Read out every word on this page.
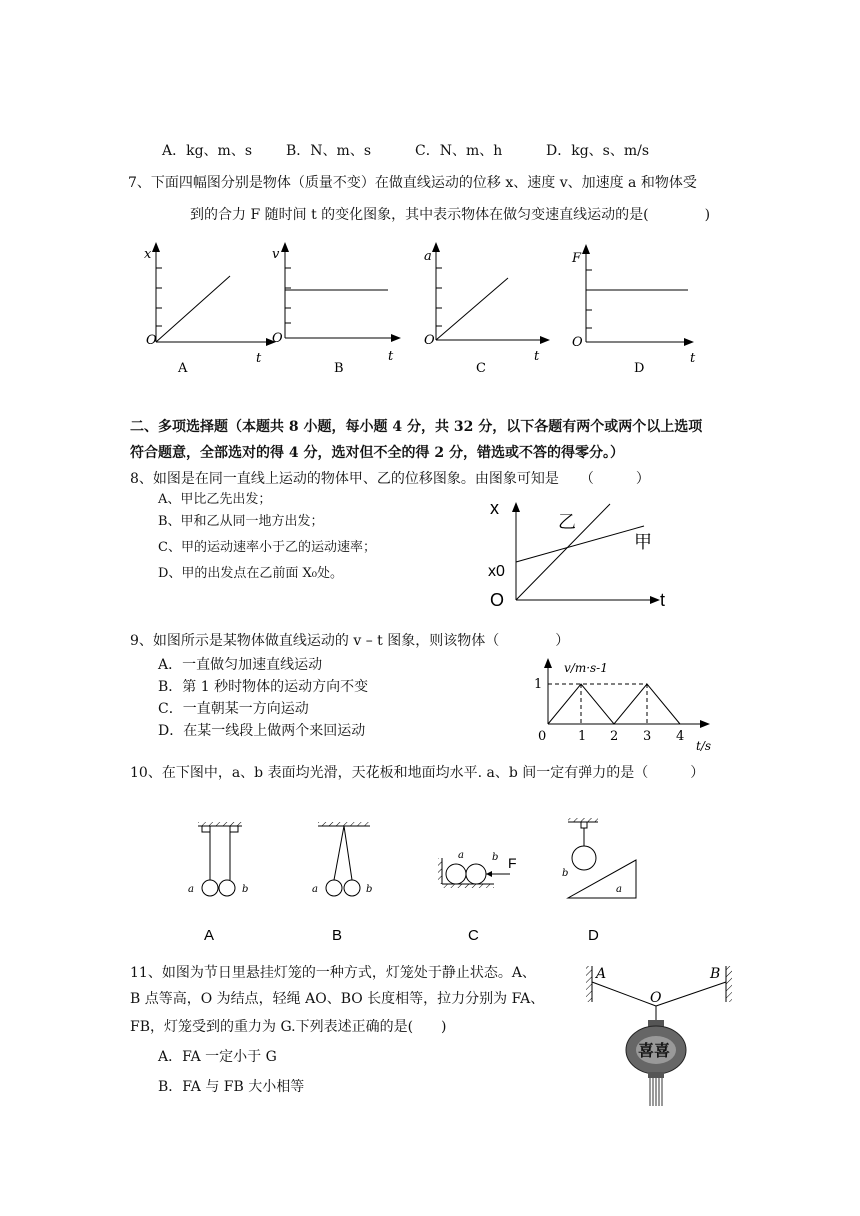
A．kg、m、s B．N、m、s	C．N、m、h	D．kg、s、m/s
7、下面四幅图分别是物体（质量不变）在做直线运动的位移 x、速度 v、加速度 a 和物体受
到的合力 F 随时间 t 的变化图象，其中表示物体在做匀变速直线运动的是(　　　　)
x
O
t
A
v
O
t
B
a
O
t
C
F
O
t
D
二、多项选择题（本题共 8 小题，每小题 4 分，共 32 分，以下各题有两个或两个以上选项
符合题意，全部选对的得 4 分，选对但不全的得 2 分，错选或不答的得零分。）
8、如图是在同一直线上运动的物体甲、乙的位移图象。由图象可知是　　（　　　）
A、甲比乙先出发；
B、甲和乙从同一地方出发；
C、甲的运动速率小于乙的运动速率；
D、甲的出发点在乙前面 X₀处。
x
x0
O	t
乙
甲
9、如图所示是某物体做直线运动的 v – t 图象，则该物体（　　　　）
A．一直做匀加速直线运动
B．第 1 秒时物体的运动方向不变
C．一直朝某一方向运动
D．在某一线段上做两个来回运动
v/m·s-1
1
0 1 2 3 4
t/s
10、在下图中，a、b 表面均光滑，天花板和地面均水平. a、b 间一定有弹力的是（　　　）
a	b
A
a	b
B
a	b F
C
b
a
D
11、如图为节日里悬挂灯笼的一种方式，灯笼处于静止状态。A、
B 点等高，O 为结点，轻绳 AO、BO 长度相等，拉力分别为 FA、
FB，灯笼受到的重力为 G.下列表述正确的是(　　)
A．FA 一定小于 G
B．FA 与 FB 大小相等
A	B
O
喜喜
